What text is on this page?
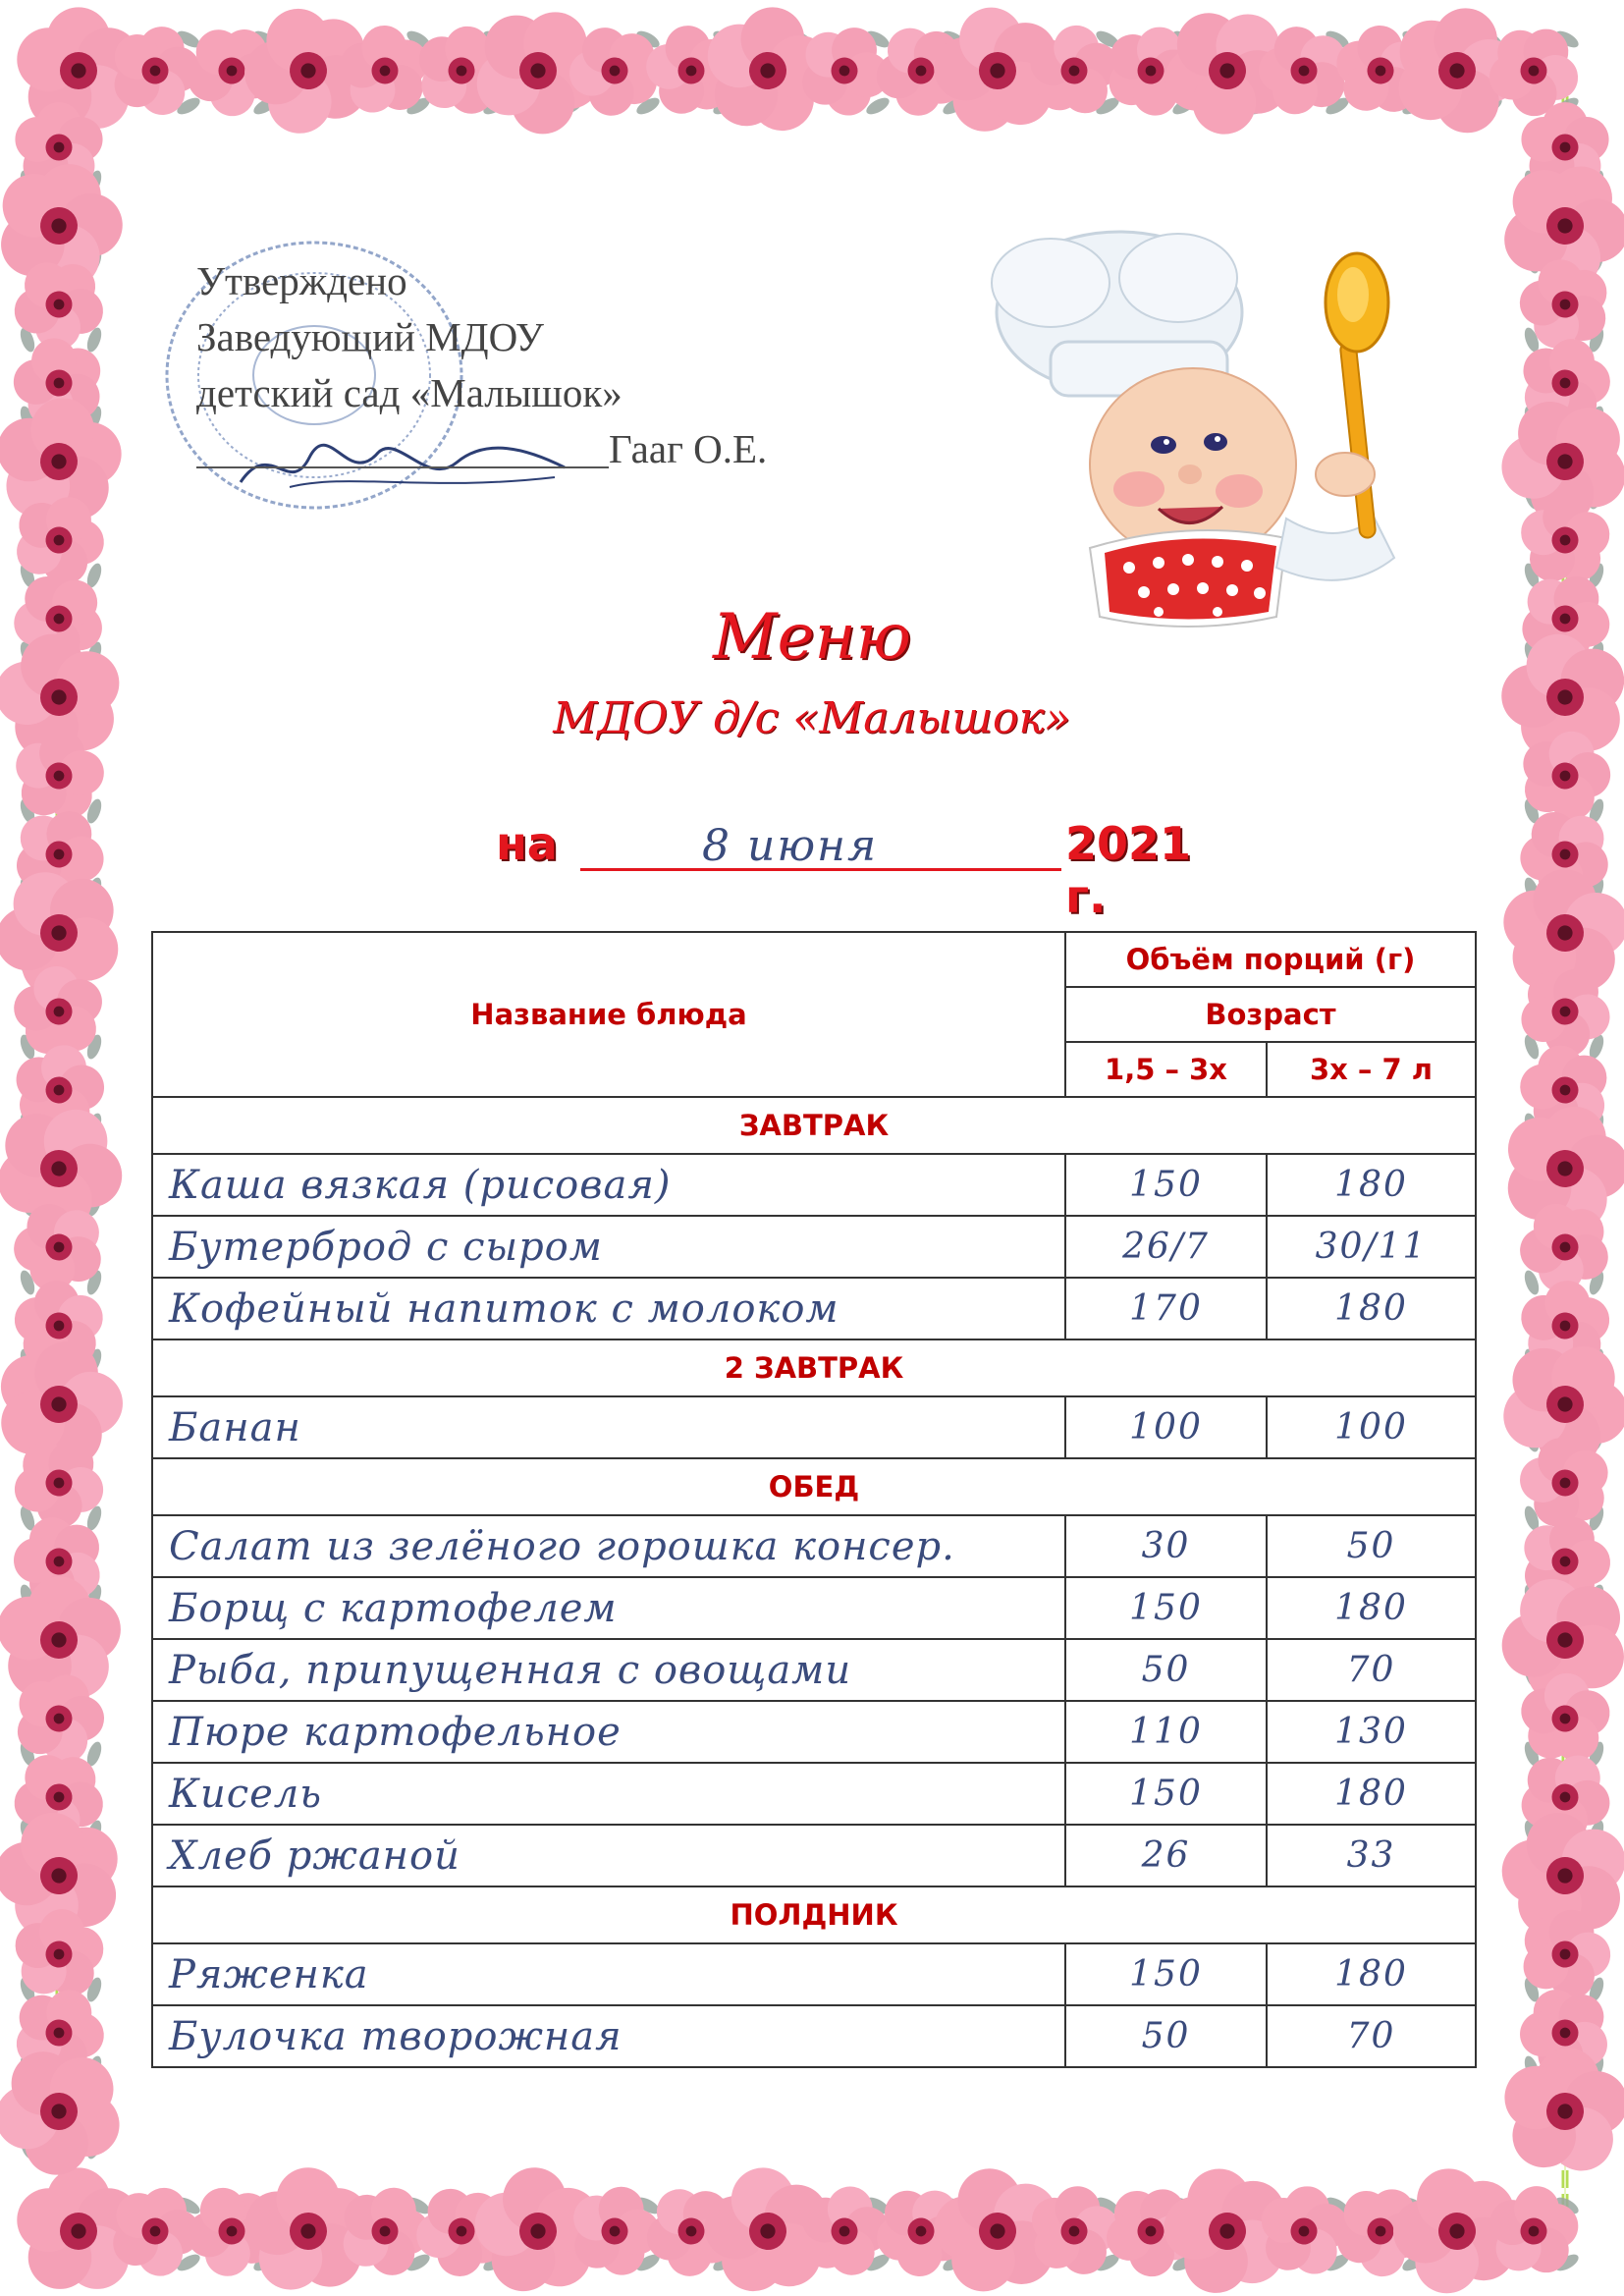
Утверждено
Заведующий МДОУ
детский сад «Малышок»
Гааг О.Е.
Меню
МДОУ д/с «Малышок»
на	8 июня	2021 г.
Название блюда	Объём порций (г)	
	Возраст	
	1,5 – 3х	3х – 7 л
ЗАВТРАК		
Каша вязкая (рисовая)	150	180
Бутерброд с сыром	26/7	30/11
Кофейный напиток с молоком	170	180
2 ЗАВТРАК		
Банан	100	100
ОБЕД		
Салат из зелёного горошка консер.	30	50
Борщ с картофелем	150	180
Рыба, припущенная с овощами	50	70
Пюре картофельное	110	130
Кисель	150	180
Хлеб ржаной	26	33
ПОЛДНИК		
Ряженка	150	180
Булочка творожная	50	70
